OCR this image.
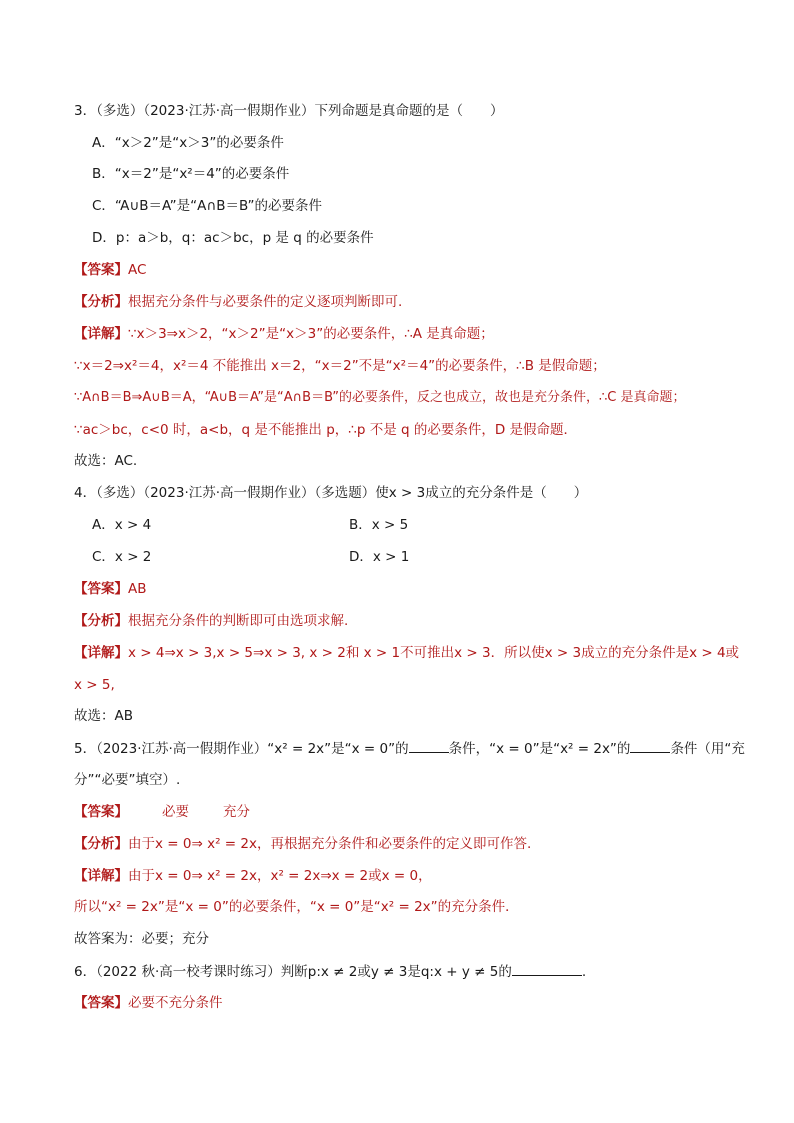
3．（多选）（2023·江苏·高一假期作业）下列命题是真命题的是（　　）
A．“x＞2”是“x＞3”的必要条件
B．“x＝2”是“x²＝4”的必要条件
C．“A∪B＝A”是“A∩B＝B”的必要条件
D．p：a＞b，q：ac＞bc，p 是 q 的必要条件
【答案】AC
【分析】根据充分条件与必要条件的定义逐项判断即可.
【详解】∵x＞3⇒x＞2，“x＞2”是“x＞3”的必要条件，∴A 是真命题；
∵x＝2⇒x²＝4，x²＝4 不能推出 x＝2，“x＝2”不是“x²＝4”的必要条件，∴B 是假命题；
∵A∩B＝B⇒A∪B＝A，“A∪B＝A”是“A∩B＝B”的必要条件，反之也成立，故也是充分条件，∴C 是真命题；
∵ac＞bc，c<0 时，a<b，q 是不能推出 p，∴p 不是 q 的必要条件，D 是假命题．
故选：AC.
4．（多选）（2023·江苏·高一假期作业）（多选题）使x > 3成立的充分条件是（　　）
A．x > 4	B．x > 5
C．x > 2	D．x > 1
【答案】AB
【分析】根据充分条件的判断即可由选项求解.
【详解】x > 4⇒x > 3,x > 5⇒x > 3, x > 2和 x > 1不可推出x > 3．所以使x > 3成立的充分条件是x > 4或
x > 5,
故选：AB
5．（2023·江苏·高一假期作业）“x² = 2x”是“x = 0”的	条件，“x = 0”是“x² = 2x”的	条件（用“充
分”“必要”填空）.
【答案】	必要	充分
【分析】由于x = 0⇒ x² = 2x，再根据充分条件和必要条件的定义即可作答.
【详解】由于x = 0⇒ x² = 2x，x² = 2x⇒x = 2或x = 0，
所以“x² = 2x”是“x = 0”的必要条件，“x = 0”是“x² = 2x”的充分条件．
故答案为：必要；充分
6．（2022 秋·高一校考课时练习）判断p:x ≠ 2或y ≠ 3是q:x + y ≠ 5的	.
【答案】必要不充分条件
